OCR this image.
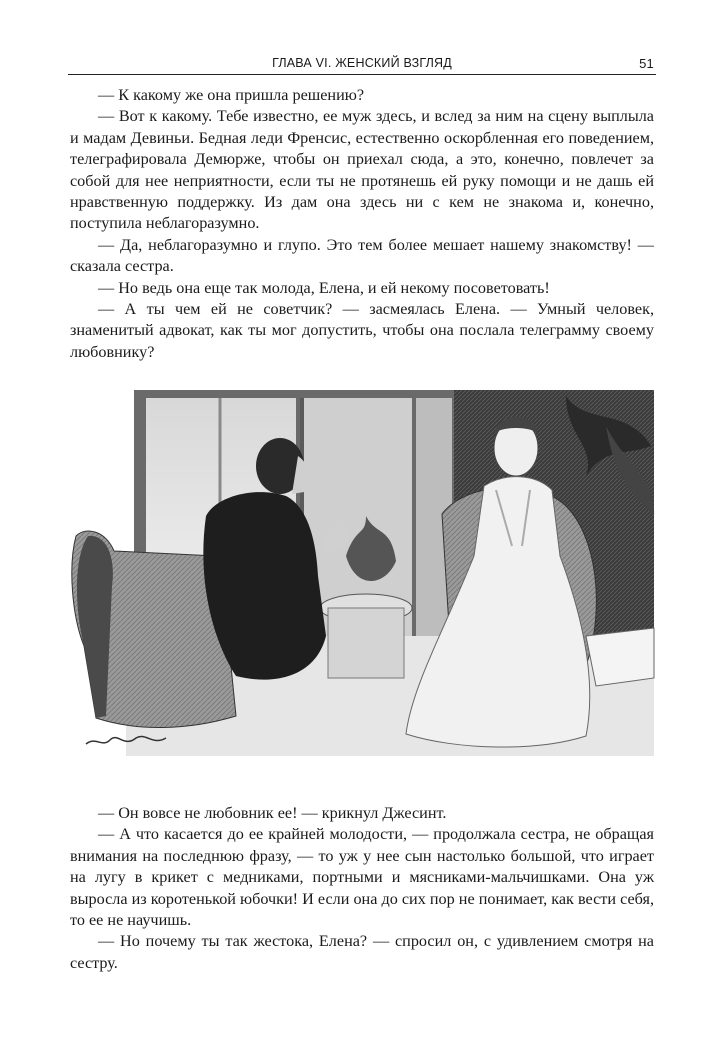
ГЛАВА VI. ЖЕНСКИЙ ВЗГЛЯД	51

— К какому же она пришла решению?

— Вот к какому. Тебе известно, ее муж здесь, и вслед за ним на сцену выплыла и мадам Девиньи. Бедная леди Френсис, естественно оскорбленная его поведением, телеграфировала Демюрже, чтобы он приехал сюда, а это, конечно, повлечет за собой для нее неприятности, если ты не протянешь ей руку помощи и не дашь ей нравственную поддержку. Из дам она здесь ни с кем не знакома и, конечно, поступила неблагоразумно.

— Да, неблагоразумно и глупо. Это тем более мешает нашему знакомству! — сказала сестра.

— Но ведь она еще так молода, Елена, и ей некому посоветовать!

— А ты чем ей не советчик? — засмеялась Елена. — Умный человек, знаменитый адвокат, как ты мог допустить, чтобы она послала телеграмму своему любовнику?

— Он вовсе не любовник ее! — крикнул Джесинт.

— А что касается до ее крайней молодости, — продолжала сестра, не обращая внимания на последнюю фразу, — то уж у нее сын настолько большой, что играет на лугу в крикет с медниками, портными и мясниками-мальчишками. Она уж выросла из коротенькой юбочки! И если она до сих пор не понимает, как вести себя, то ее не научишь.

— Но почему ты так жестока, Елена? — спросил он, с удивлением смотря на сестру.
